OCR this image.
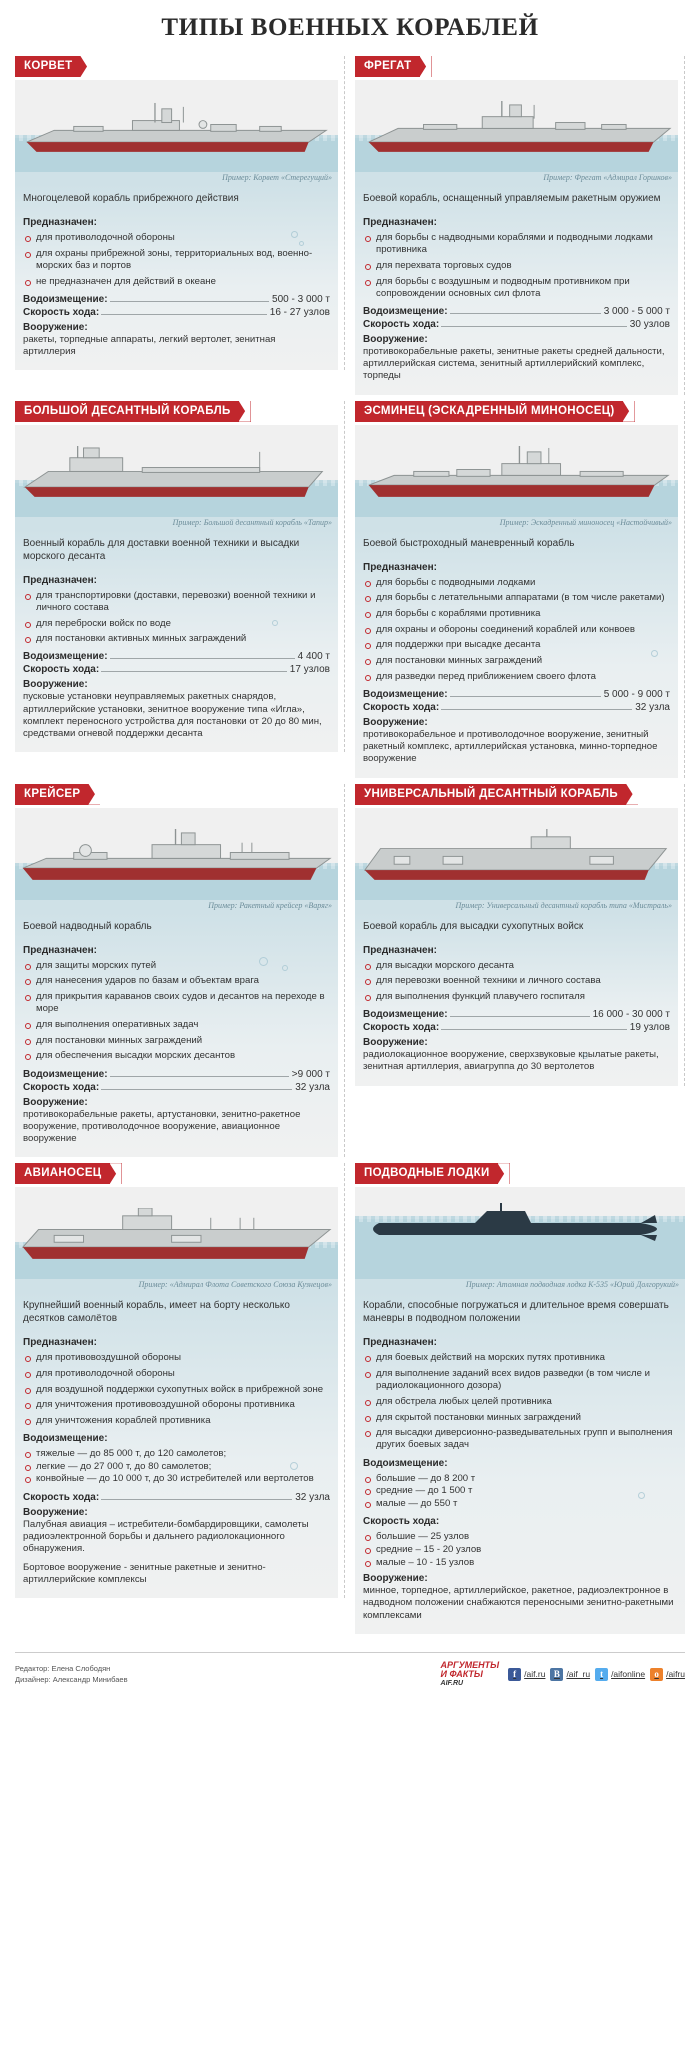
ТИПЫ ВОЕННЫХ КОРАБЛЕЙ
КОРВЕТ
Пример: Корвет «Стерегущий»
Многоцелевой корабль прибрежного действия
Предназначен:
для противолодочной обороны
для охраны прибрежной зоны, территориальных вод, военно-морских баз и портов
не предназначен для действий в океане
Водоизмещение:	500 - 3 000 т
Скорость хода:	16 - 27 узлов
Вооружение:
ракеты, торпедные аппараты, легкий вертолет, зенитная артиллерия
ФРЕГАТ
Пример: Фрегат «Адмирал Горшков»
Боевой корабль, оснащенный управляемым ракетным оружием
Предназначен:
для борьбы с надводными кораблями и подводными лодками противника
для перехвата торговых судов
для борьбы с воздушным и подводным противником при сопровождении основных сил флота
Водоизмещение:	3 000 - 5 000 т
Скорость хода:	30 узлов
Вооружение:
противокорабельные ракеты, зенитные ракеты средней дальности, артиллерийская система, зенитный артиллерийский комплекс, торпеды
БОЛЬШОЙ ДЕСАНТНЫЙ КОРАБЛЬ
Пример: Большой десантный корабль «Тапир»
Военный корабль для доставки военной техники и высадки морского десанта
Предназначен:
для транспортировки (доставки, перевозки) военной техники и личного состава
для переброски войск по воде
для постановки активных минных заграждений
Водоизмещение:	4 400 т
Скорость хода:	17 узлов
Вооружение:
пусковые установки неуправляемых ракетных снарядов, артиллерийские установки, зенитное вооружение типа «Игла», комплект переносного устройства для постановки от 20 до 80 мин, средствами огневой поддержки десанта
ЭСМИНЕЦ (ЭСКАДРЕННЫЙ МИНОНОСЕЦ)
Пример: Эскадренный миноносец «Настойчивый»
Боевой быстроходный маневренный корабль
Предназначен:
для борьбы с подводными лодками
для борьбы с летательными аппаратами (в том числе ракетами)
для борьбы с кораблями противника
для охраны и обороны соединений кораблей или конвоев
для поддержки при высадке десанта
для постановки минных заграждений
для разведки перед приближением своего флота
Водоизмещение:	5 000 - 9 000 т
Скорость хода:	32 узла
Вооружение:
противокорабельное и противолодочное вооружение, зенитный ракетный комплекс, артиллерийская установка, минно-торпедное вооружение
КРЕЙСЕР
Пример: Ракетный крейсер «Варяг»
Боевой надводный корабль
Предназначен:
для защиты морских путей
для нанесения ударов по базам и объектам врага
для прикрытия караванов своих судов и десантов на переходе в море
для выполнения оперативных задач
для постановки минных заграждений
для обеспечения высадки морских десантов
Водоизмещение:	>9 000 т
Скорость хода:	32 узла
Вооружение:
противокорабельные ракеты, артустановки, зенитно-ракетное вооружение, противолодочное вооружение, авиационное вооружение
УНИВЕРСАЛЬНЫЙ ДЕСАНТНЫЙ КОРАБЛЬ
Пример: Универсальный десантный корабль типа «Мистраль»
Боевой корабль для высадки сухопутных войск
Предназначен:
для высадки морского десанта
для перевозки военной техники и личного состава
для выполнения функций плавучего госпиталя
Водоизмещение:	16 000 - 30 000 т
Скорость хода:	19 узлов
Вооружение:
радиолокационное вооружение, сверхзвуковые крылатые ракеты, зенитная артиллерия, авиагруппа до 30 вертолетов
АВИАНОСЕЦ
Пример: «Адмирал Флота Советского Союза Кузнецов»
Крупнейший военный корабль, имеет на борту несколько десятков самолётов
Предназначен:
для противовоздушной обороны
для противолодочной обороны
для воздушной поддержки сухопутных войск в прибрежной зоне
для уничтожения противовоздушной обороны противника
для уничтожения кораблей противника
Водоизмещение:
тяжелые — до 85 000 т, до 120 самолетов;
легкие — до 27 000 т, до 80 самолетов;
конвойные — до 10 000 т, до 30 истребителей или вертолетов
Скорость хода:	32 узла
Вооружение:
Палубная авиация – истребители-бомбардировщики, самолеты радиоэлектронной борьбы и дальнего радиолокационного обнаружения.
Бортовое вооружение - зенитные ракетные и зенитно-артиллерийские комплексы
ПОДВОДНЫЕ ЛОДКИ
Пример: Атомная подводная лодка К-535 «Юрий Долгорукий»
Корабли, способные погружаться и длительное время совершать маневры в подводном положении
Предназначен:
для боевых действий на морских путях противника
для выполнение заданий всех видов разведки (в том числе и радиолокационного дозора)
для обстрела любых целей противника
для скрытой постановки минных заграждений
для высадки диверсионно-разведывательных групп и выполнения других боевых задач
Водоизмещение:
большие — до 8 200 т
средние — до 1 500 т
малые — до 550 т
Скорость хода:
большие — 25 узлов
средние – 15 - 20 узлов
малые – 10 - 15 узлов
Вооружение:
минное, торпедное, артиллерийское, ракетное, радиоэлектронное в надводном положении снабжаются переносными зенитно-ракетными комплексами
Редактор: Елена Слободян
Дизайнер: Александр Минибаев
АРГУМЕНТЫ
И ФАКТЫ
AIF.RU
f /aif.ru B /aif_ru	t /aifonline	o /aifru
